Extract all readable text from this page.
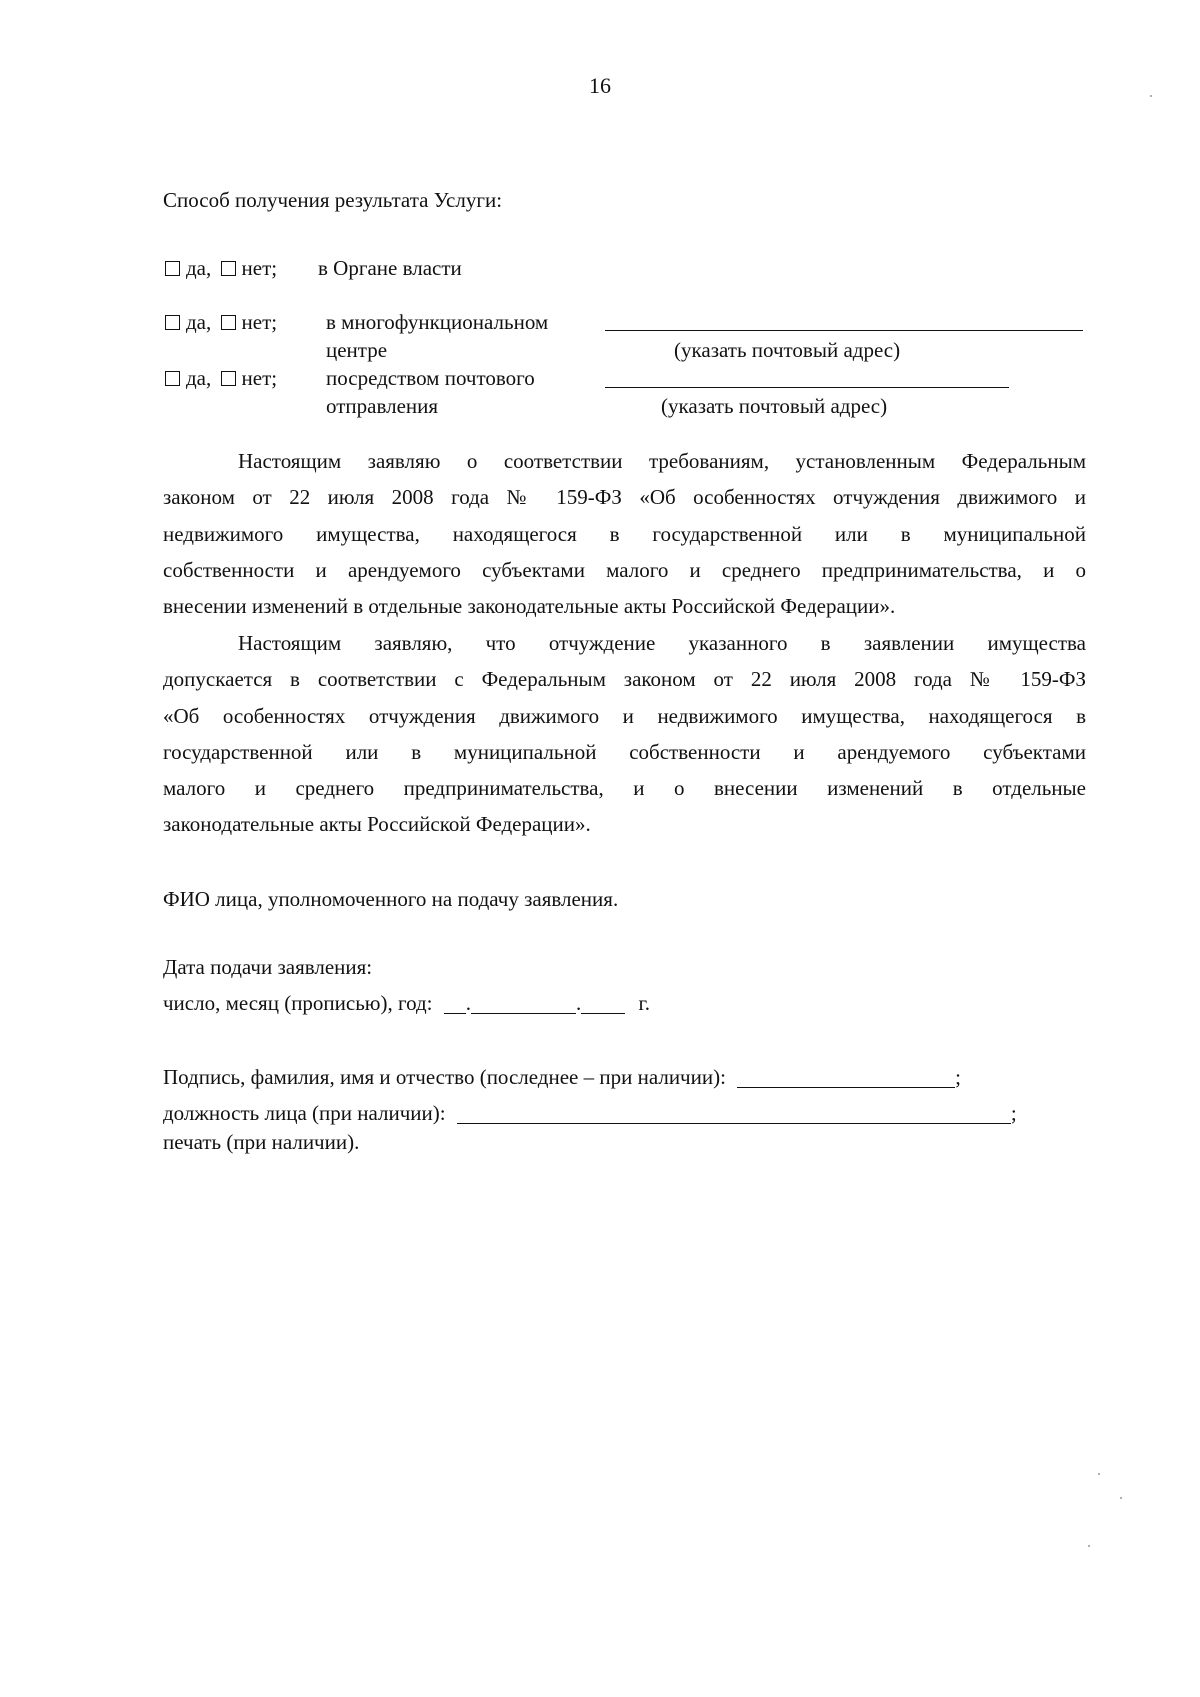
16
Способ получения результата Услуги:
да, нет; в Органе власти
да, нет; в многофункциональном
центре	(указать почтовый адрес)
да, нет; посредством почтового
отправления	(указать почтовый адрес)
Настоящим заявляю о соответствии требованиям, установленным Федеральным
законом от 22 июля 2008 года № 159-ФЗ «Об особенностях отчуждения движимого и
недвижимого имущества, находящегося в государственной или в муниципальной
собственности и арендуемого субъектами малого и среднего предпринимательства, и о
внесении изменений в отдельные законодательные акты Российской Федерации».
Настоящим заявляю, что отчуждение указанного в заявлении имущества
допускается в соответствии с Федеральным законом от 22 июля 2008 года № 159-ФЗ
«Об особенностях отчуждения движимого и недвижимого имущества, находящегося в
государственной или в муниципальной собственности и арендуемого субъектами
малого и среднего предпринимательства, и о внесении изменений в отдельные
законодательные акты Российской Федерации».
ФИО лица, уполномоченного на подачу заявления.
Дата подачи заявления:
число, месяц (прописью), год: .	.	г.
Подпись, фамилия, имя и отчество (последнее – при наличии):	;
должность лица (при наличии):	;
печать (при наличии).
